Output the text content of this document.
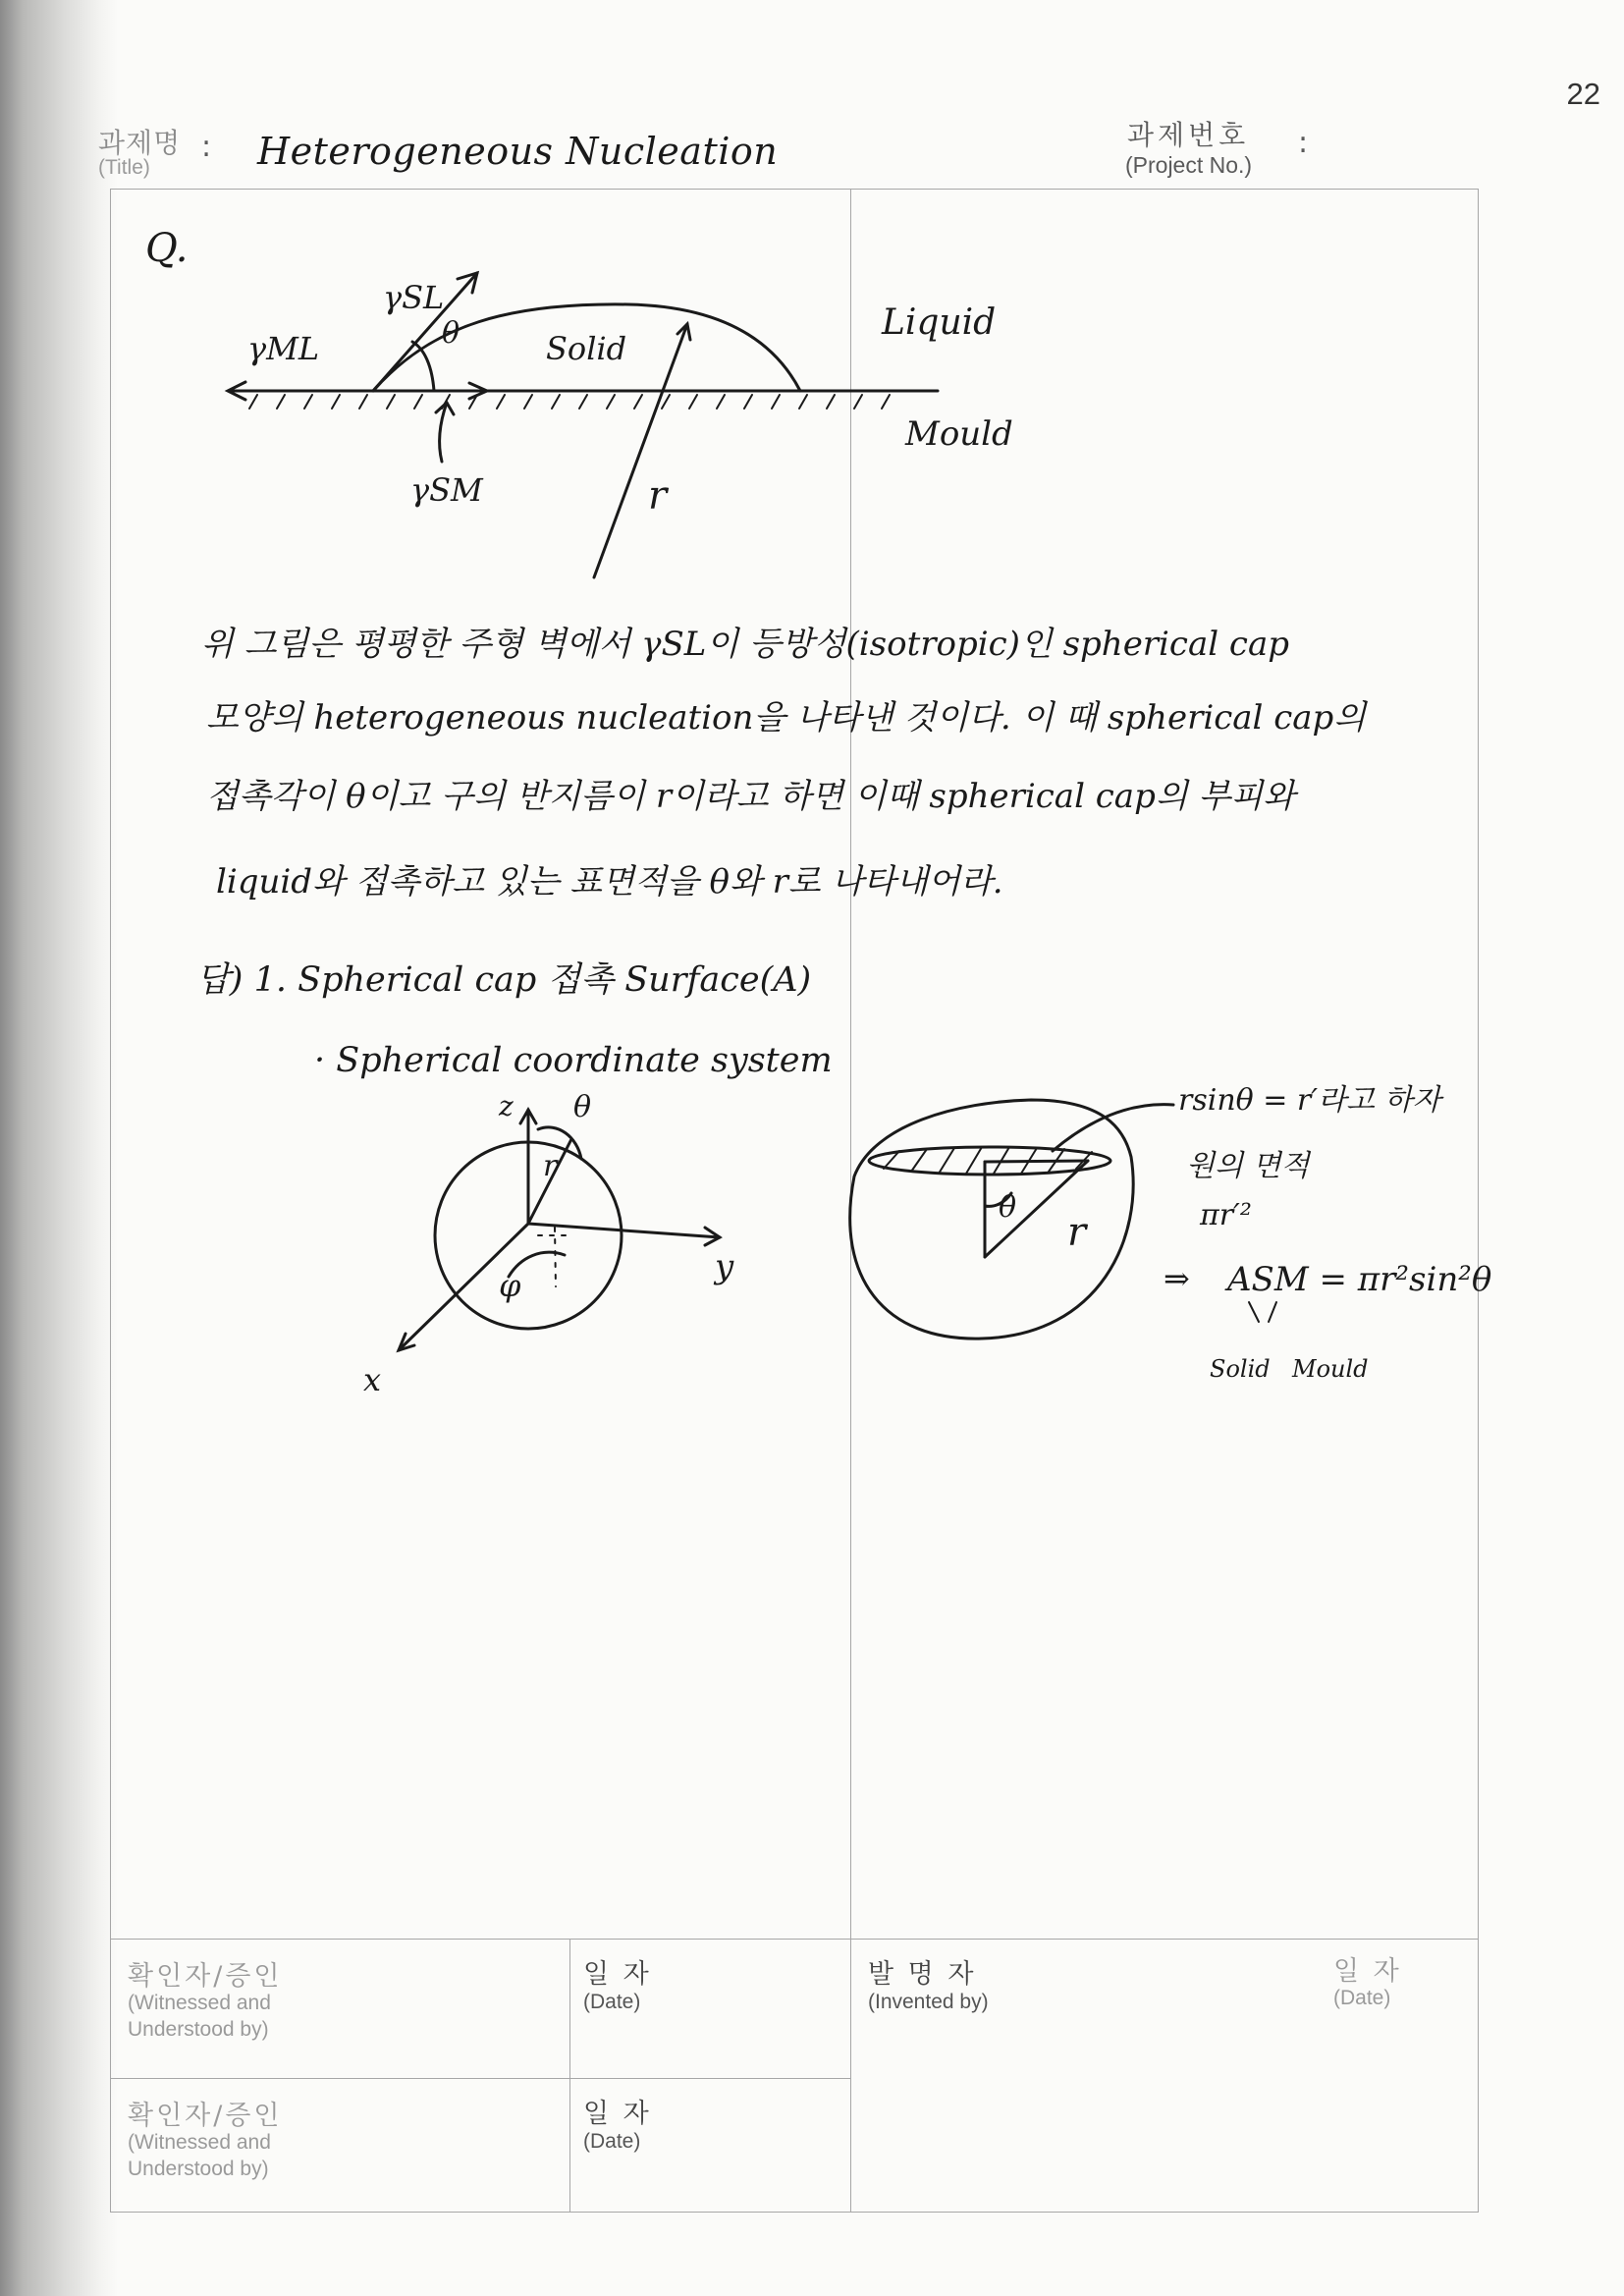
22
과제명
(Title)
: Heterogeneous Nucleation	과제번호
(Project No.)
:
Q.
γSL
γML	θ	Solid
Liquid
Mould
γSM	r
위 그림은 평평한 주형 벽에서 γSL이 등방성(isotropic)인 spherical cap
모양의 heterogeneous nucleation을 나타낸 것이다. 이 때 spherical cap의
접촉각이 θ이고 구의 반지름이 r이라고 하면 이때 spherical cap의 부피와
liquid와 접촉하고 있는 표면적을 θ와 r로 나타내어라.
답) 1. Spherical cap 접촉 Surface(A)
· Spherical coordinate system
z θ
r
φ	y
x
θ
r
rsinθ = r′라고 하자
원의 면적
πr′²
⇒ ASM = πr²sin²θ
Solid Mould
확인자/증인
(Witnessed and
Understood by)
일 자
(Date)
발 명 자
(Invented by)
일 자
(Date)
확인자/증인
(Witnessed and
Understood by)
일 자
(Date)
